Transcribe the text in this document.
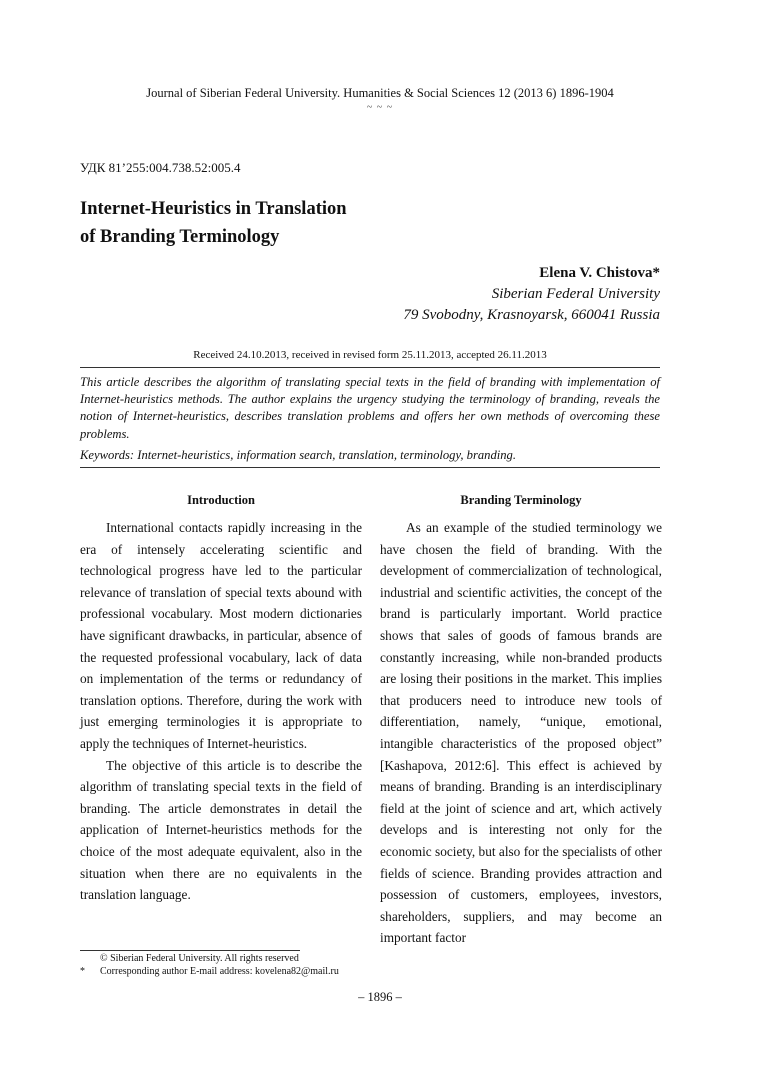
Journal of Siberian Federal University. Humanities & Social Sciences 12 (2013 6) 1896-1904
~ ~ ~
УДК 81’255:004.738.52:005.4
Internet-Heuristics in Translation
of Branding Terminology
Elena V. Chistova*
Siberian Federal University
79 Svobodny, Krasnoyarsk, 660041 Russia
Received 24.10.2013, received in revised form 25.11.2013, accepted 26.11.2013
This article describes the algorithm of translating special texts in the field of branding with implementation of Internet-heuristics methods. The author explains the urgency studying the terminology of branding, reveals the notion of Internet-heuristics, describes translation problems and offers her own methods of overcoming these problems.
Keywords: Internet-heuristics, information search, translation, terminology, branding.
Introduction	Branding Terminology

International contacts rapidly increasing in the era of intensely accelerating scientific and technological progress have led to the particular relevance of translation of special texts abound with professional vocabulary. Most modern dictionaries have significant drawbacks, in particular, absence of the requested professional vocabulary, lack of data on implementation of the terms or redundancy of translation options. Therefore, during the work with just emerging terminologies it is appropriate to apply the techniques of Internet-heuristics.

The objective of this article is to describe the algorithm of translating special texts in the field of branding. The article demonstrates in detail the application of Internet-heuristics methods for the choice of the most adequate equivalent, also in the situation when there are no equivalents in the translation language.

As an example of the studied terminology we have chosen the field of branding. With the development of commercialization of technological, industrial and scientific activities, the concept of the brand is particularly important. World practice shows that sales of goods of famous brands are constantly increasing, while non-branded products are losing their positions in the market. This implies that producers need to introduce new tools of differentiation, namely, “unique, emotional, intangible characteristics of the proposed object” [Kashapova, 2012:6]. This effect is achieved by means of branding. Branding is an interdisciplinary field at the joint of science and art, which actively develops and is interesting not only for the economic society, but also for the specialists of other fields of science. Branding provides attraction and possession of customers, employees, investors, shareholders, suppliers, and may become an important factor

© Siberian Federal University. All rights reserved
* Corresponding author E-mail address: kovelena82@mail.ru
– 1896 –
